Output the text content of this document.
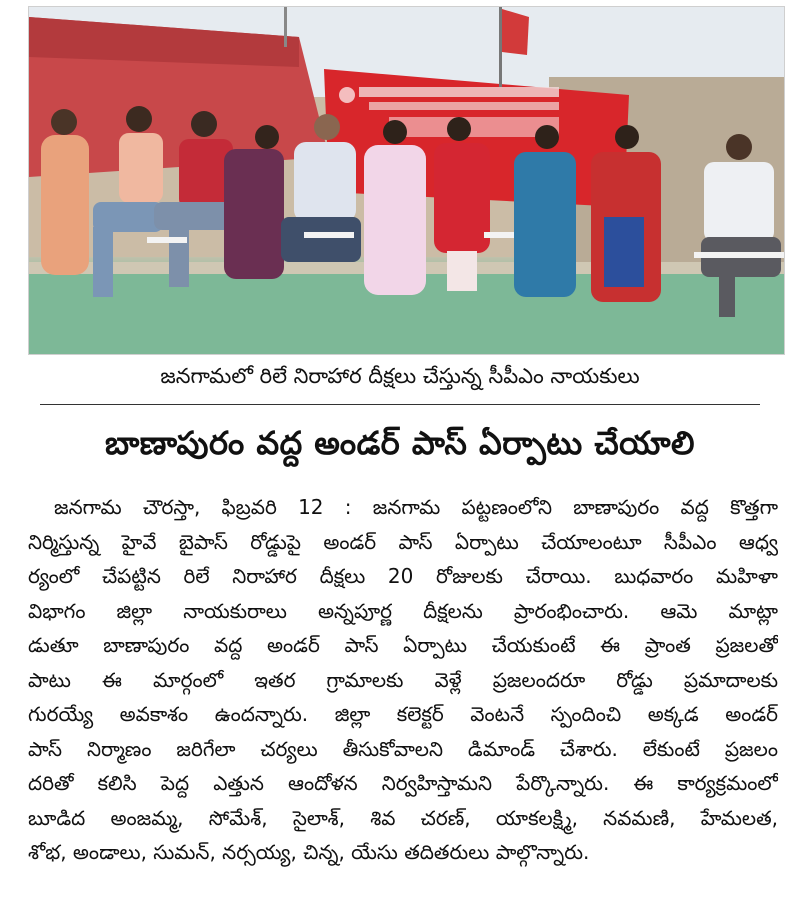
జనగామలో రిలే నిరాహార దీక్షలు చేస్తున్న సీపీఎం నాయకులు
బాణాపురం వద్ద అండర్ పాస్ ఏర్పాటు చేయాలి
జనగామ చౌరస్తా, ఫిబ్రవరి 12 : జనగామ పట్టణంలోని బాణాపురం వద్ద కొత్తగా
నిర్మిస్తున్న హైవే బైపాస్ రోడ్డుపై అండర్ పాస్ ఏర్పాటు చేయాలంటూ సీపీఎం ఆధ్వ
ర్యంలో చేపట్టిన రిలే నిరాహార దీక్షలు 20 రోజులకు చేరాయి. బుధవారం మహిళా
విభాగం జిల్లా నాయకురాలు అన్నపూర్ణ దీక్షలను ప్రారంభించారు. ఆమె మాట్లా
డుతూ బాణాపురం వద్ద అండర్ పాస్ ఏర్పాటు చేయకుంటే ఈ ప్రాంత ప్రజలతో
పాటు ఈ మార్గంలో ఇతర గ్రామాలకు వెళ్లే ప్రజలందరూ రోడ్డు ప్రమాదాలకు
గురయ్యే అవకాశం ఉందన్నారు. జిల్లా కలెక్టర్ వెంటనే స్పందించి అక్కడ అండర్
పాస్ నిర్మాణం జరిగేలా చర్యలు తీసుకోవాలని డిమాండ్ చేశారు. లేకుంటే ప్రజలం
దరితో కలిసి పెద్ద ఎత్తున ఆందోళన నిర్వహిస్తామని పేర్కొన్నారు. ఈ కార్యక్రమంలో
బూడిద అంజమ్మ, సోమేశ్, సైలాశ్, శివ చరణ్, యాకలక్ష్మి, నవమణి, హేమలత,
శోభ, అండాలు, సుమన్, నర్సయ్య, చిన్న, యేసు తదితరులు పాల్గొన్నారు.
